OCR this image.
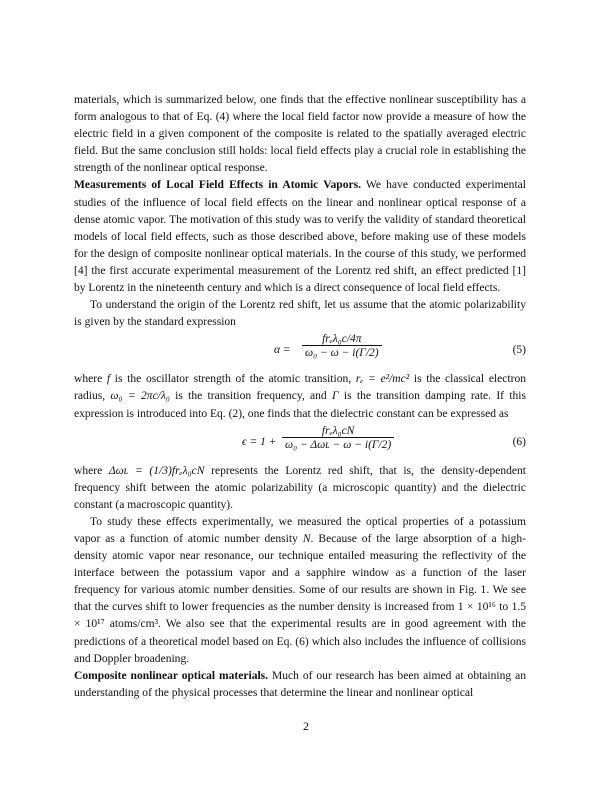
materials, which is summarized below, one finds that the effective nonlinear susceptibility has a form analogous to that of Eq. (4) where the local field factor now provide a measure of how the electric field in a given component of the composite is related to the spatially averaged electric field. But the same conclusion still holds: local field effects play a crucial role in establishing the strength of the nonlinear optical response.

Measurements of Local Field Effects in Atomic Vapors. We have conducted experimental studies of the influence of local field effects on the linear and nonlinear optical response of a dense atomic vapor. The motivation of this study was to verify the validity of standard theoretical models of local field effects, such as those described above, before making use of these models for the design of composite nonlinear optical materials. In the course of this study, we performed [4] the first accurate experimental measurement of the Lorentz red shift, an effect predicted [1] by Lorentz in the nineteenth century and which is a direct consequence of local field effects.

To understand the origin of the Lorentz red shift, let us assume that the atomic polarizability is given by the standard expression

α =
frₑλ₀c/4π
ω₀ − ω − i(Γ/2)	(5)

where f is the oscillator strength of the atomic transition, rₑ = e²/mc² is the classical electron radius, ω₀ = 2πc/λ₀ is the transition frequency, and Γ is the transition damping rate. If this expression is introduced into Eq. (2), one finds that the dielectric constant can be expressed as

ϵ = 1 +
frₑλ₀cN
ω₀ − Δωʟ − ω − i(Γ/2)	(6)

where Δωʟ = (1/3)frₑλ₀cN represents the Lorentz red shift, that is, the density-dependent frequency shift between the atomic polarizability (a microscopic quantity) and the dielectric constant (a macroscopic quantity).

To study these effects experimentally, we measured the optical properties of a potassium vapor as a function of atomic number density N. Because of the large absorption of a high-density atomic vapor near resonance, our technique entailed measuring the reflectivity of the interface between the potassium vapor and a sapphire window as a function of the laser frequency for various atomic number densities. Some of our results are shown in Fig. 1. We see that the curves shift to lower frequencies as the number density is increased from 1 × 10¹⁶ to 1.5 × 10¹⁷ atoms/cm³. We also see that the experimental results are in good agreement with the predictions of a theoretical model based on Eq. (6) which also includes the influence of collisions and Doppler broadening.

Composite nonlinear optical materials. Much of our research has been aimed at obtaining an understanding of the physical processes that determine the linear and nonlinear optical

2
